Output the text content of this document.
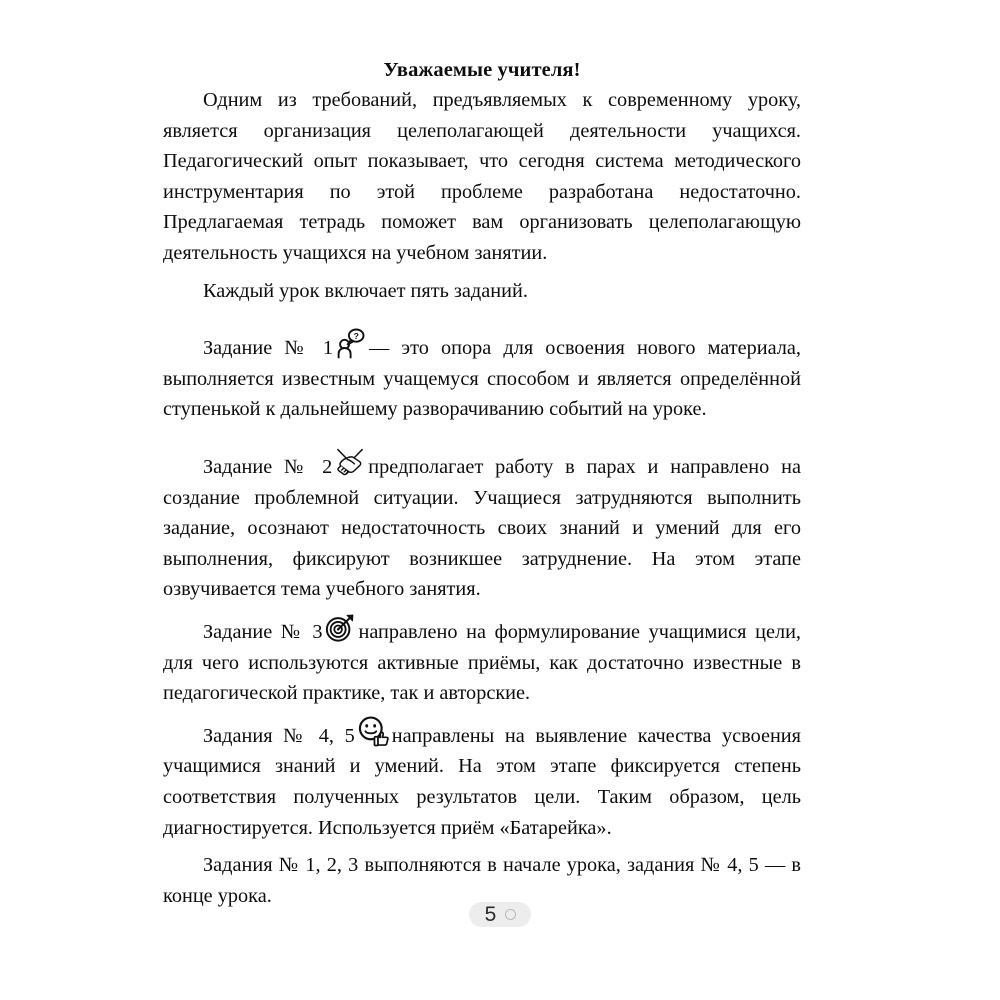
Уважаемые учителя!

Одним из требований, предъявляемых к современному уроку, является организация целеполагающей деятельности учащихся. Педагогический опыт показывает, что сегодня система методического инструментария по этой проблеме разработана недостаточно. Предлагаемая тетрадь поможет вам организовать целеполагающую деятельность учащихся на учебном занятии.

Каждый урок включает пять заданий.

Задание № 1
?
— это опора для освоения нового материала, выполняется известным учащемуся способом и является определённой ступенькой к дальнейшему разворачиванию событий на уроке.

Задание № 2 предполагает работу в парах и направлено на создание проблемной ситуации. Учащиеся затрудняются выполнить задание, осознают недостаточность своих знаний и умений для его выполнения, фиксируют возникшее затруднение. На этом этапе озвучивается тема учебного занятия.

Задание № 3 направлено на формулирование учащимися цели, для чего используются активные приёмы, как достаточно известные в педагогической практике, так и авторские.

Задания № 4, 5 направлены на выявление качества усвоения учащимися знаний и умений. На этом этапе фиксируется степень соответствия полученных результатов цели. Таким образом, цель диагностируется. Используется приём «Батарейка».

Задания № 1, 2, 3 выполняются в начале урока, задания № 4, 5 — в конце урока.

5
